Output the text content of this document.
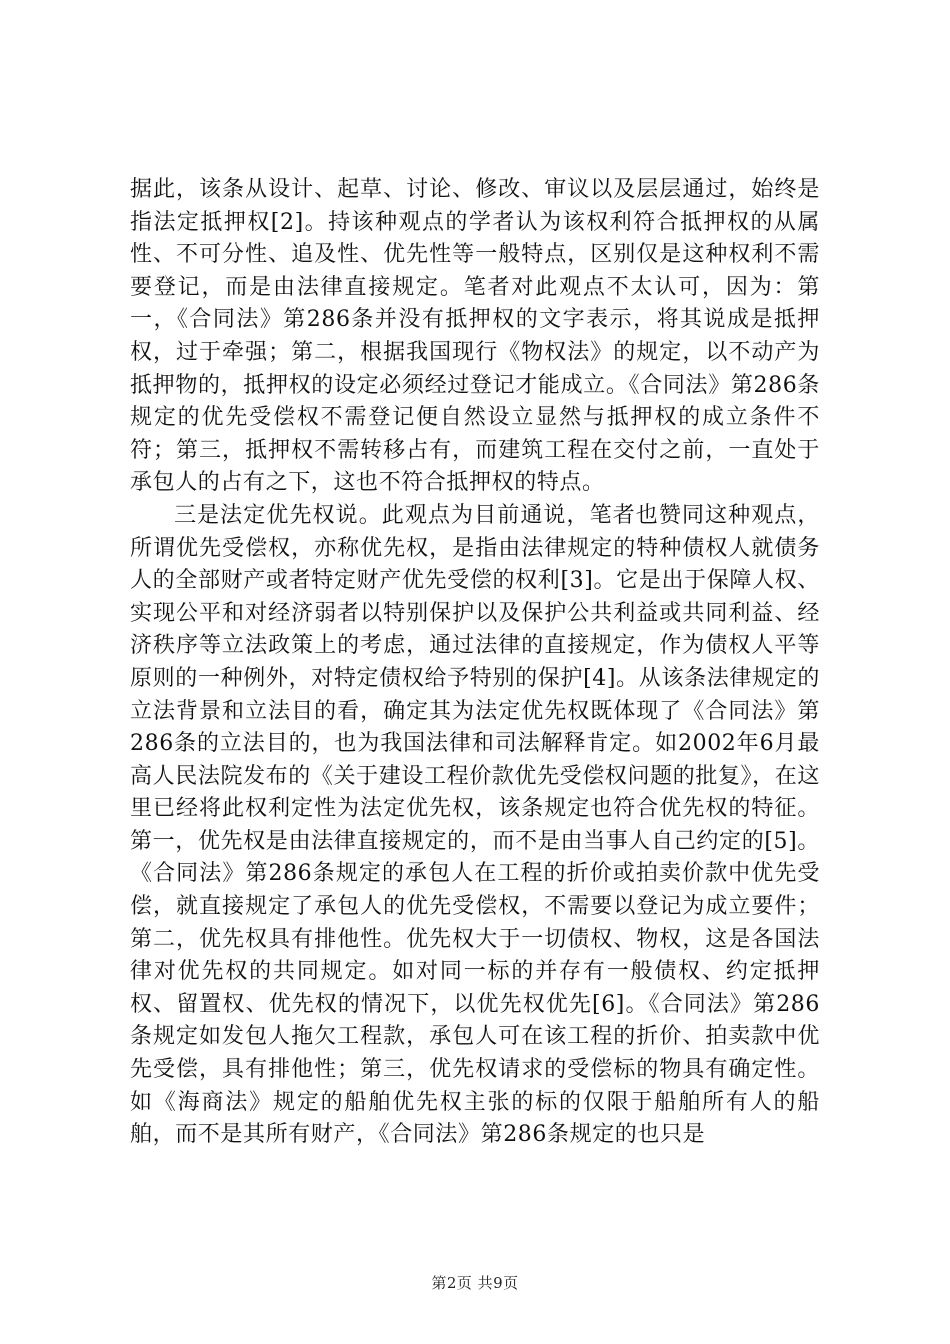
据此，该条从设计、起草、讨论、修改、审议以及层层通过，始终是指法定抵押权[2]。持该种观点的学者认为该权利符合抵押权的从属性、不可分性、追及性、优先性等一般特点，区别仅是这种权利不需要登记，而是由法律直接规定。笔者对此观点不太认可，因为：第一，《合同法》第286条并没有抵押权的文字表示，将其说成是抵押权，过于牵强；第二，根据我国现行《物权法》的规定，以不动产为抵押物的，抵押权的设定必须经过登记才能成立。《合同法》第286条规定的优先受偿权不需登记便自然设立显然与抵押权的成立条件不符；第三，抵押权不需转移占有，而建筑工程在交付之前，一直处于承包人的占有之下，这也不符合抵押权的特点。

三是法定优先权说。此观点为目前通说，笔者也赞同这种观点，所谓优先受偿权，亦称优先权，是指由法律规定的特种债权人就债务人的全部财产或者特定财产优先受偿的权利[3]。它是出于保障人权、实现公平和对经济弱者以特别保护以及保护公共利益或共同利益、经济秩序等立法政策上的考虑，通过法律的直接规定，作为债权人平等原则的一种例外，对特定债权给予特别的保护[4]。从该条法律规定的立法背景和立法目的看，确定其为法定优先权既体现了《合同法》第286条的立法目的，也为我国法律和司法解释肯定。如2002年6月最高人民法院发布的《关于建设工程价款优先受偿权问题的批复》，在这里已经将此权利定性为法定优先权，该条规定也符合优先权的特征。第一，优先权是由法律直接规定的，而不是由当事人自己约定的[5]。《合同法》第286条规定的承包人在工程的折价或拍卖价款中优先受偿，就直接规定了承包人的优先受偿权，不需要以登记为成立要件；第二，优先权具有排他性。优先权大于一切债权、物权，这是各国法律对优先权的共同规定。如对同一标的并存有一般债权、约定抵押权、留置权、优先权的情况下，以优先权优先[6]。《合同法》第286条规定如发包人拖欠工程款，承包人可在该工程的折价、拍卖款中优先受偿，具有排他性；第三，优先权请求的受偿标的物具有确定性。如《海商法》规定的船舶优先权主张的标的仅限于船舶所有人的船舶，而不是其所有财产，《合同法》第286条规定的也只是

第2页 共9页
